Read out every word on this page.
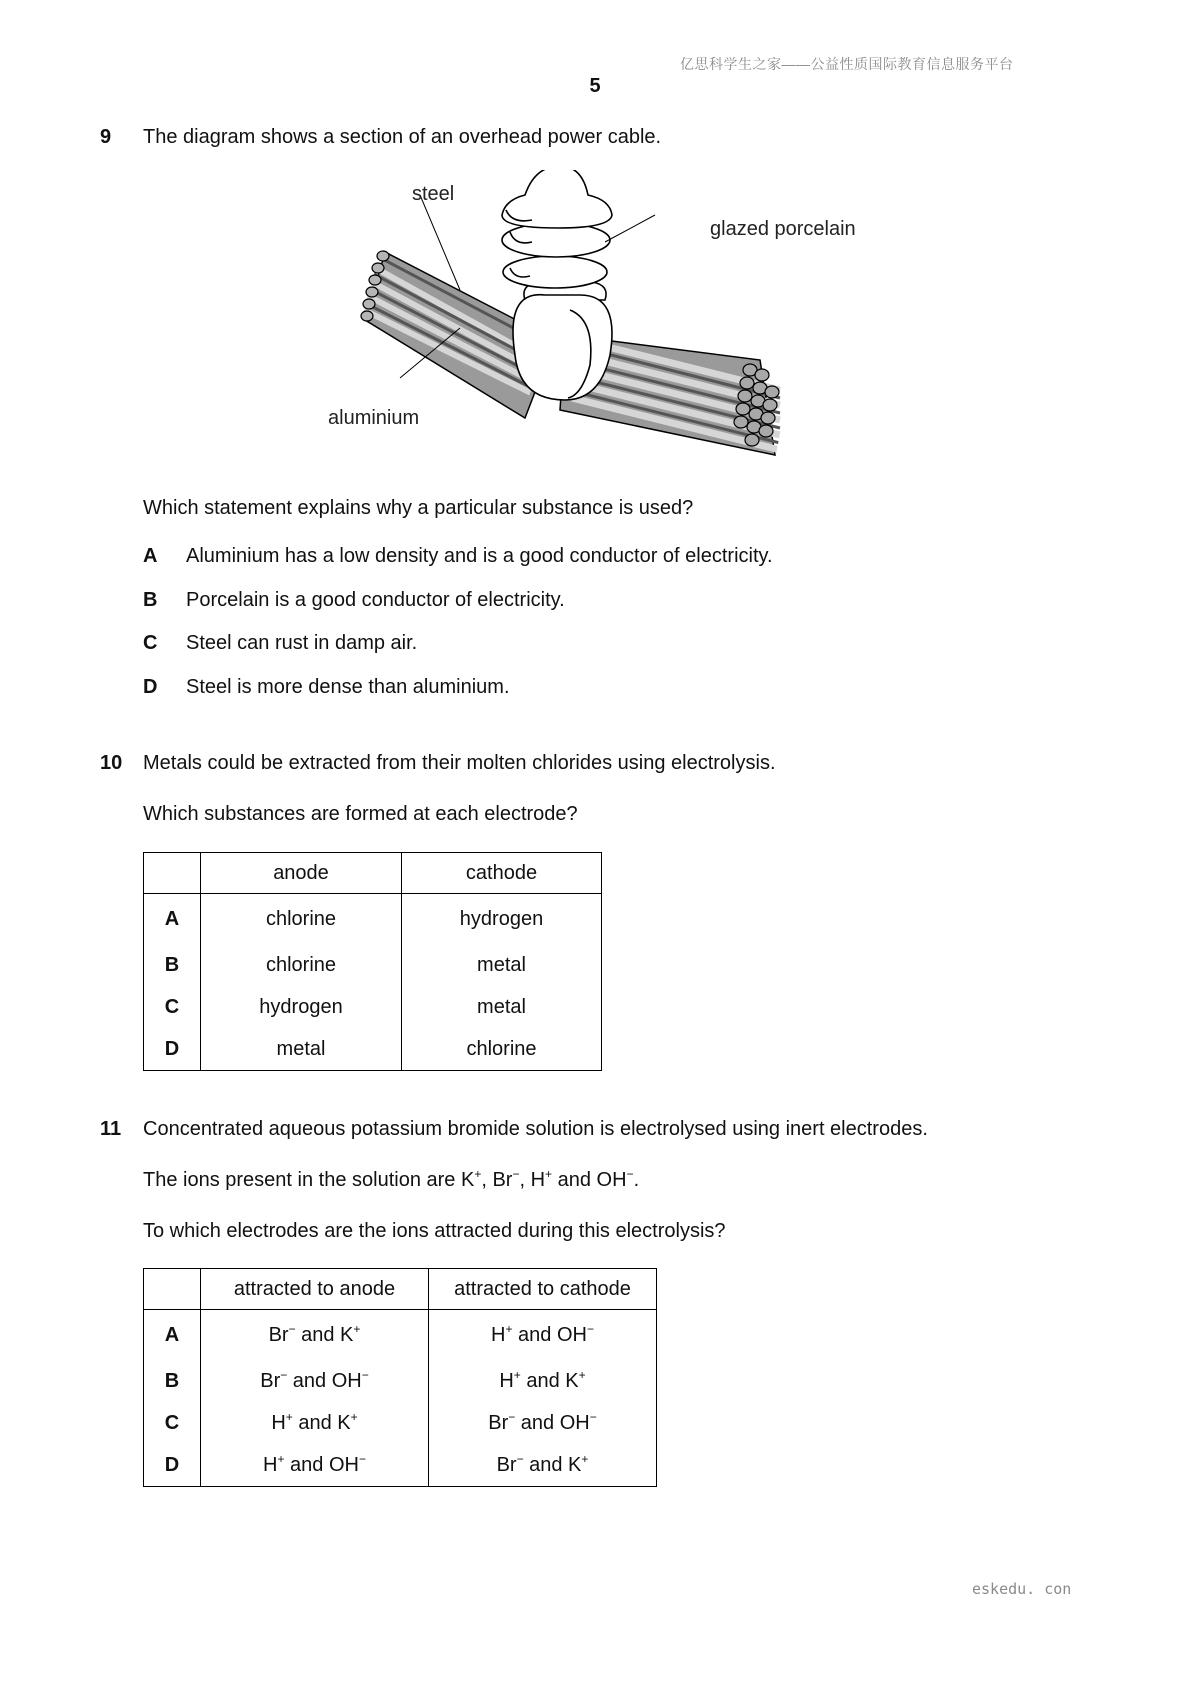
亿思科学生之家——公益性质国际教育信息服务平台
5
9 The diagram shows a section of an overhead power cable.
steel
glazed porcelain
aluminium
Which statement explains why a particular substance is used?
A Aluminium has a low density and is a good conductor of electricity.
B Porcelain is a good conductor of electricity.
C Steel can rust in damp air.
D Steel is more dense than aluminium.
10 Metals could be extracted from their molten chlorides using electrolysis.
Which substances are formed at each electrode?
	anode	cathode
A	chlorine	hydrogen
B	chlorine	metal
C	hydrogen	metal
D	metal	chlorine
11 Concentrated aqueous potassium bromide solution is electrolysed using inert electrodes.
The ions present in the solution are K+, Br−, H+ and OH−.
To which electrodes are the ions attracted during this electrolysis?
	attracted to anode	attracted to cathode
A	Br− and K+	H+ and OH−
B	Br− and OH−	H+ and K+
C	H+ and K+	Br− and OH−
D	H+ and OH−	Br− and K+
eskedu. con
